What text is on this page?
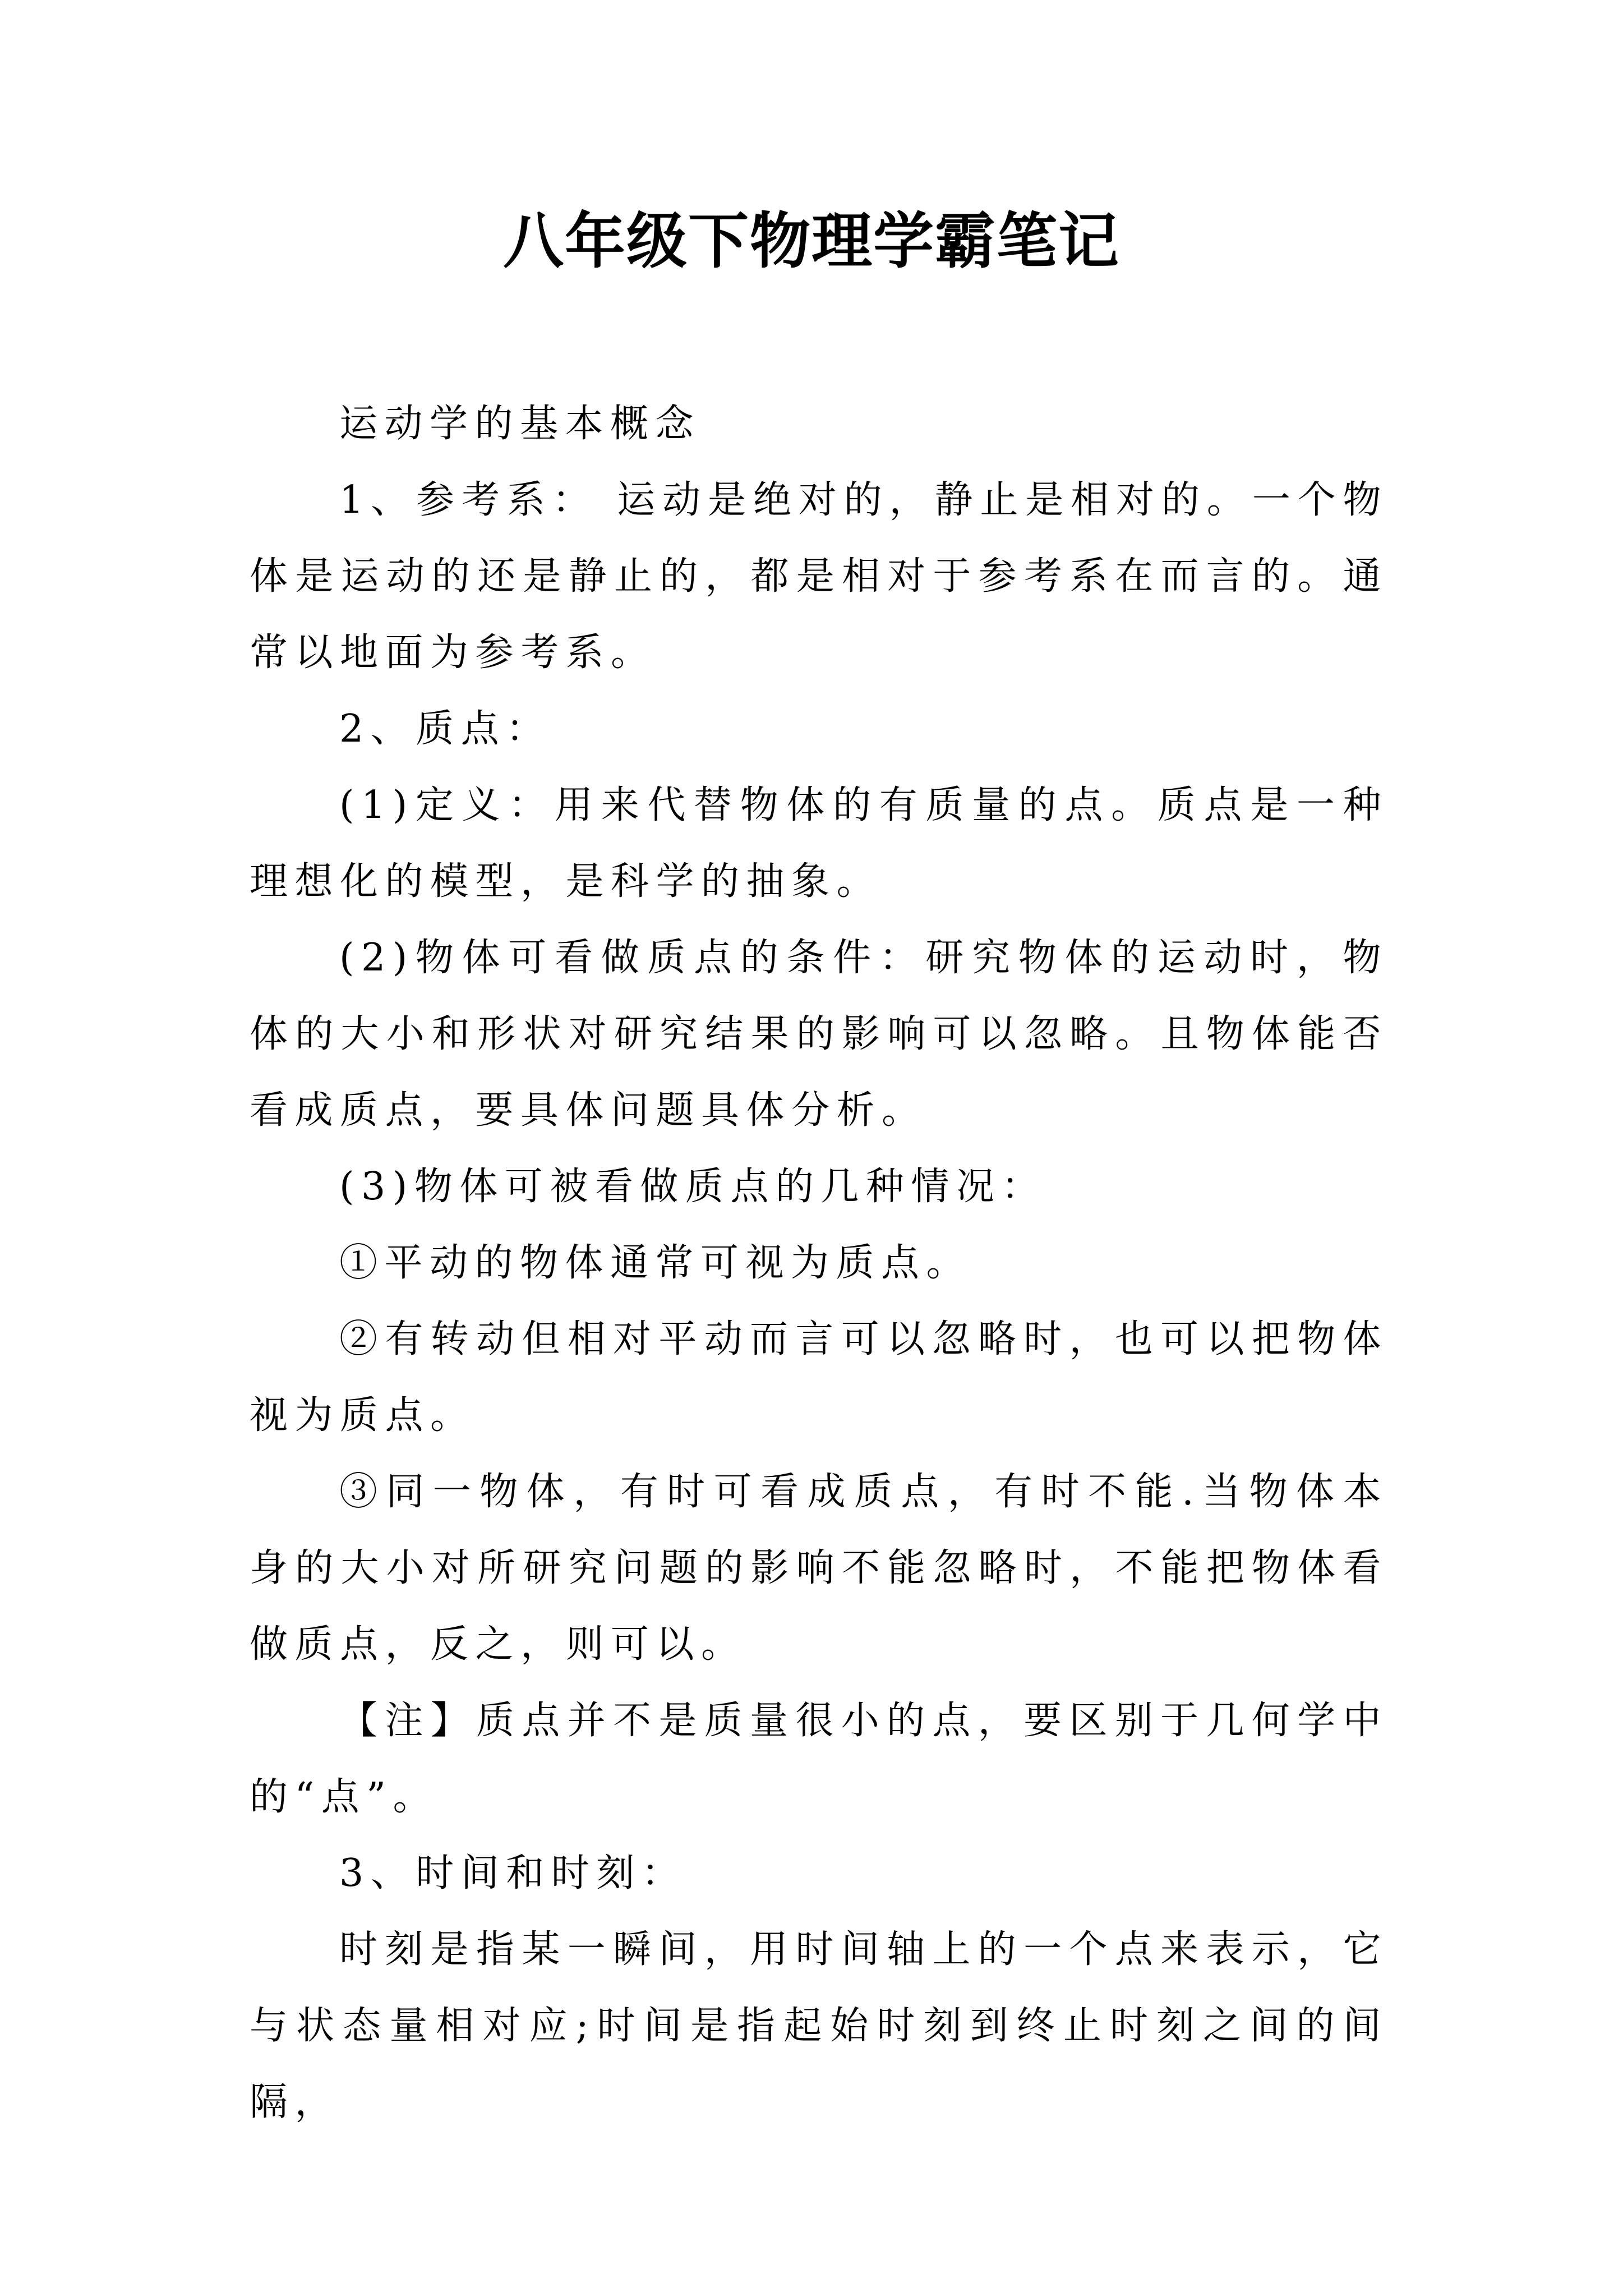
八年级下物理学霸笔记

运动学的基本概念

1、参考系： 运动是绝对的，静止是相对的。一个物体是运动的还是静止的，都是相对于参考系在而言的。通常以地面为参考系。

2、质点：

(1)定义：用来代替物体的有质量的点。质点是一种理想化的模型，是科学的抽象。

(2)物体可看做质点的条件：研究物体的运动时，物体的大小和形状对研究结果的影响可以忽略。且物体能否看成质点，要具体问题具体分析。

(3)物体可被看做质点的几种情况：

①平动的物体通常可视为质点。

②有转动但相对平动而言可以忽略时，也可以把物体视为质点。

③同一物体，有时可看成质点，有时不能.当物体本身的大小对所研究问题的影响不能忽略时，不能把物体看做质点，反之，则可以。

【注】质点并不是质量很小的点，要区别于几何学中的“点”。

3、时间和时刻：

时刻是指某一瞬间，用时间轴上的一个点来表示，它与状态量相对应;时间是指起始时刻到终止时刻之间的间隔，
